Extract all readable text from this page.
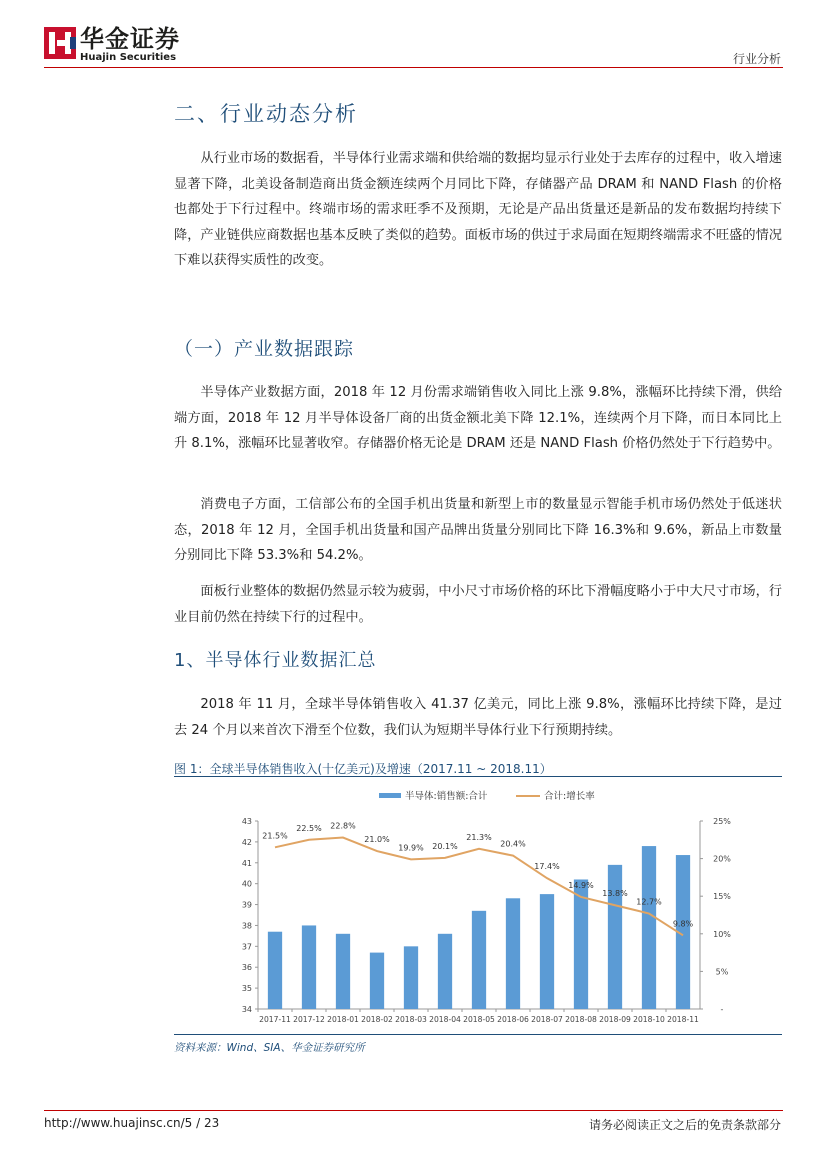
华金证券
Huajin Securities	行业分析
二、行业动态分析

从行业市场的数据看，半导体行业需求端和供给端的数据均显示行业处于去库存的过程中，收入增速显著下降，北美设备制造商出货金额连续两个月同比下降，存储器产品 DRAM 和 NAND Flash 的价格也都处于下行过程中。终端市场的需求旺季不及预期，无论是产品出货量还是新品的发布数据均持续下降，产业链供应商数据也基本反映了类似的趋势。面板市场的供过于求局面在短期终端需求不旺盛的情况下难以获得实质性的改变。

（一）产业数据跟踪

半导体产业数据方面，2018 年 12 月份需求端销售收入同比上涨 9.8%，涨幅环比持续下滑，供给端方面，2018 年 12 月半导体设备厂商的出货金额北美下降 12.1%，连续两个月下降，而日本同比上升 8.1%，涨幅环比显著收窄。存储器价格无论是 DRAM 还是 NAND Flash 价格仍然处于下行趋势中。

消费电子方面，工信部公布的全国手机出货量和新型上市的数量显示智能手机市场仍然处于低迷状态，2018 年 12 月，全国手机出货量和国产品牌出货量分别同比下降 16.3%和 9.6%，新品上市数量分别同比下降 53.3%和 54.2%。

面板行业整体的数据仍然显示较为疲弱，中小尺寸市场价格的环比下滑幅度略小于中大尺寸市场，行业目前仍然在持续下行的过程中。

1、半导体行业数据汇总

2018 年 11 月，全球半导体销售收入 41.37 亿美元，同比上涨 9.8%，涨幅环比持续下降，是过去 24 个月以来首次下滑至个位数，我们认为短期半导体行业下行预期持续。

图 1：全球半导体销售收入(十亿美元)及增速（2017.11 ~ 2018.11）
半导体:销售额:合计	合计:增长率
34
35
36
37
38
39
40
41
42
43
-
5%
10%
15%
20%
25%
2017-11 2017-12 2018-01 2018-02 2018-03 2018-04 2018-05 2018-06 2018-07 2018-08 2018-09 2018-10 2018-11
21.5%
22.5% 22.8%
21.0%
19.9% 20.1%
21.3%
20.4%
17.4%
14.9%
13.8%
12.7%
9.8%
资料来源：Wind、SIA、华金证券研究所
http://www.huajinsc.cn/5 / 23	请务必阅读正文之后的免责条款部分
